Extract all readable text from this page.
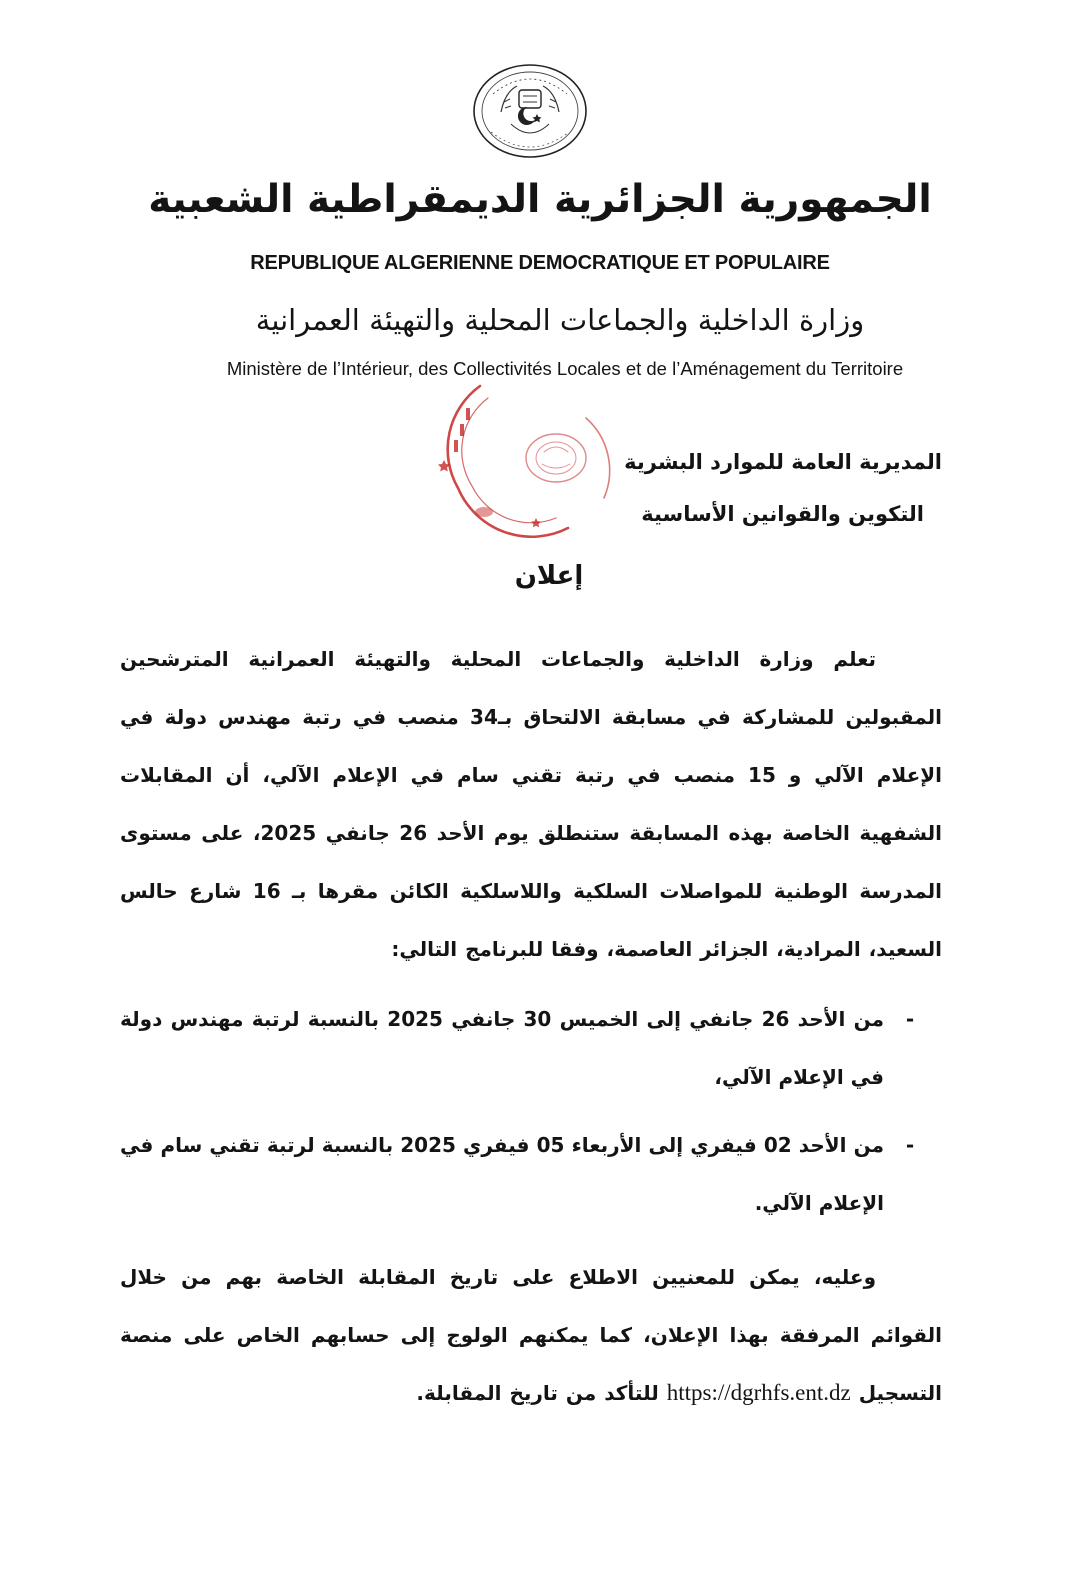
الجمهورية الجزائرية الديمقراطية الشعبية
REPUBLIQUE ALGERIENNE DEMOCRATIQUE ET POPULAIRE
وزارة الداخلية والجماعات المحلية والتهيئة العمرانية
Ministère de l’Intérieur, des Collectivités Locales et de l’Aménagement du Territoire
المديرية العامة للموارد البشرية
التكوين والقوانين الأساسية
إعلان
تعلم وزارة الداخلية والجماعات المحلية والتهيئة العمرانية المترشحين المقبولين للمشاركة في مسابقة الالتحاق بـ34 منصب في رتبة مهندس دولة في الإعلام الآلي و 15 منصب في رتبة تقني سام في الإعلام الآلي، أن المقابلات الشفهية الخاصة بهذه المسابقة ستنطلق يوم الأحد 26 جانفي 2025، على مستوى المدرسة الوطنية للمواصلات السلكية واللاسلكية الكائن مقرها بـ 16 شارع حالس السعيد، المرادية، الجزائر العاصمة، وفقا للبرنامج التالي:
-
من الأحد 26 جانفي إلى الخميس 30 جانفي 2025 بالنسبة لرتبة مهندس دولة في الإعلام الآلي،
-
من الأحد 02 فيفري إلى الأربعاء 05 فيفري 2025 بالنسبة لرتبة تقني سام في الإعلام الآلي.
وعليه، يمكن للمعنيين الاطلاع على تاريخ المقابلة الخاصة بهم من خلال القوائم المرفقة بهذا الإعلان، كما يمكنهم الولوج إلى حسابهم الخاص على منصة التسجيل https://dgrhfs.ent.dz للتأكد من تاريخ المقابلة.
